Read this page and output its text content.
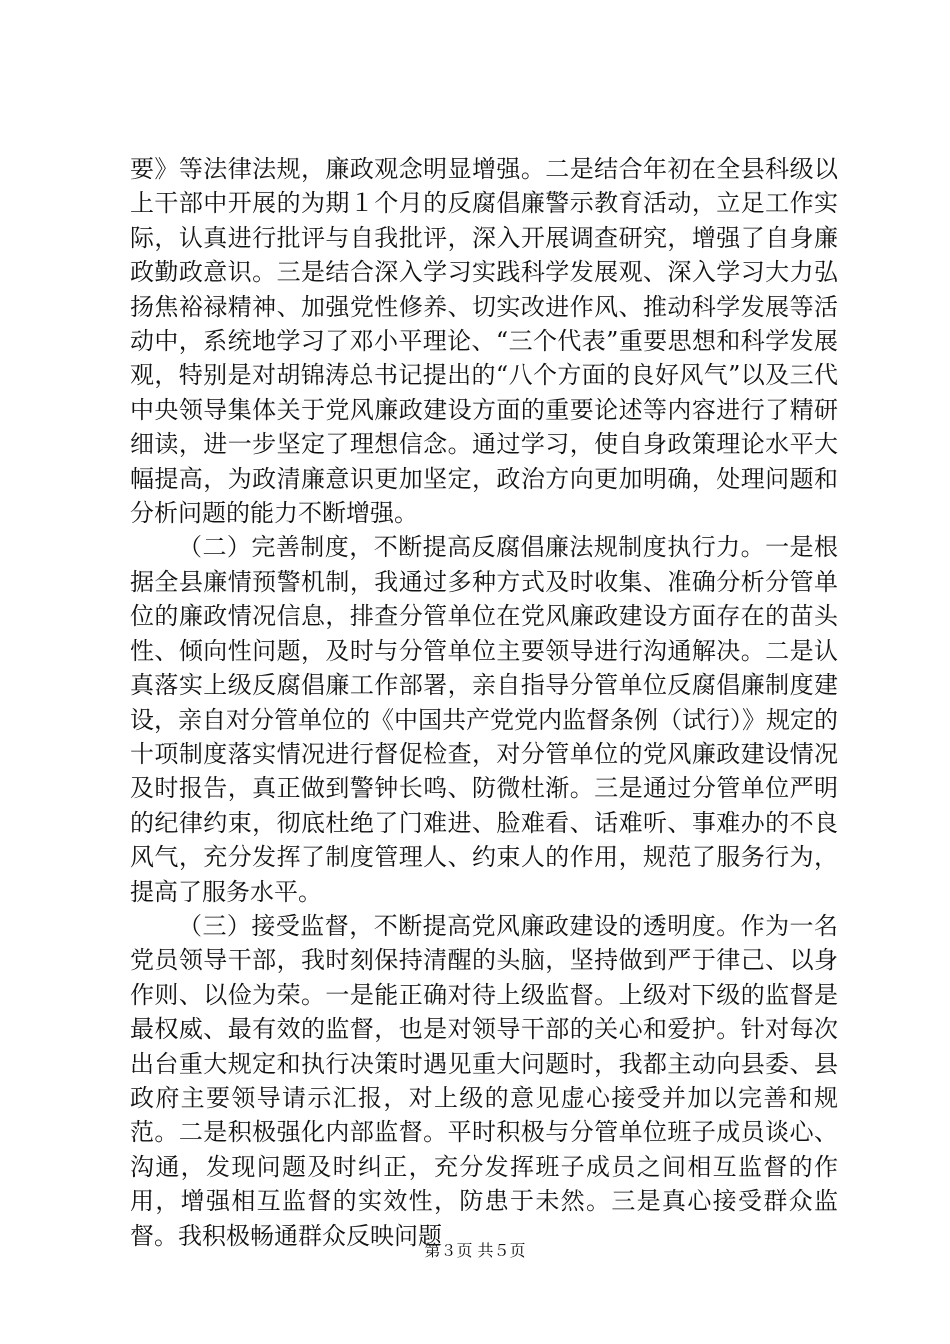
要》等法律法规，廉政观念明显增强。二是结合年初在全县科级以上干部中开展的为期１个月的反腐倡廉警示教育活动，立足工作实际，认真进行批评与自我批评，深入开展调查研究，增强了自身廉政勤政意识。三是结合深入学习实践科学发展观、深入学习大力弘扬焦裕禄精神、加强党性修养、切实改进作风、推动科学发展等活动中，系统地学习了邓小平理论、“三个代表”重要思想和科学发展观，特别是对胡锦涛总书记提出的“八个方面的良好风气”以及三代中央领导集体关于党风廉政建设方面的重要论述等内容进行了精研细读，进一步坚定了理想信念。通过学习，使自身政策理论水平大幅提高，为政清廉意识更加坚定，政治方向更加明确，处理问题和分析问题的能力不断增强。

（二）完善制度，不断提高反腐倡廉法规制度执行力。一是根据全县廉情预警机制，我通过多种方式及时收集、准确分析分管单位的廉政情况信息，排查分管单位在党风廉政建设方面存在的苗头性、倾向性问题，及时与分管单位主要领导进行沟通解决。二是认真落实上级反腐倡廉工作部署，亲自指导分管单位反腐倡廉制度建设，亲自对分管单位的《中国共产党党内监督条例（试行）》规定的十项制度落实情况进行督促检查，对分管单位的党风廉政建设情况及时报告，真正做到警钟长鸣、防微杜渐。三是通过分管单位严明的纪律约束，彻底杜绝了门难进、脸难看、话难听、事难办的不良风气，充分发挥了制度管理人、约束人的作用，规范了服务行为，提高了服务水平。

（三）接受监督，不断提高党风廉政建设的透明度。作为一名党员领导干部，我时刻保持清醒的头脑，坚持做到严于律己、以身作则、以俭为荣。一是能正确对待上级监督。上级对下级的监督是最权威、最有效的监督，也是对领导干部的关心和爱护。针对每次出台重大规定和执行决策时遇见重大问题时，我都主动向县委、县政府主要领导请示汇报，对上级的意见虚心接受并加以完善和规范。二是积极强化内部监督。平时积极与分管单位班子成员谈心、沟通，发现问题及时纠正，充分发挥班子成员之间相互监督的作用，增强相互监督的实效性，防患于未然。三是真心接受群众监督。我积极畅通群众反映问题

第３页 共５页
